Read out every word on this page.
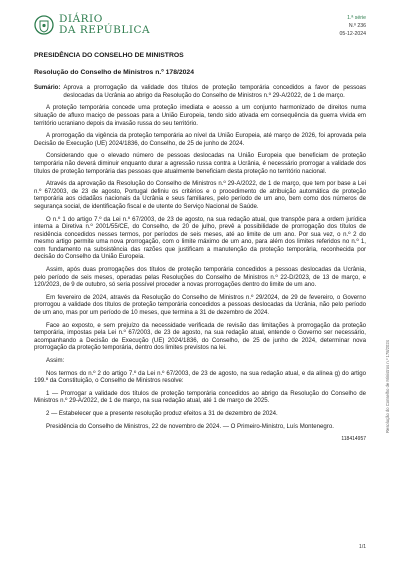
DIÁRIO
DA REPÚBLICA
1.ª série
N.º 236
05-12-2024
PRESIDÊNCIA DO CONSELHO DE MINISTROS
Resolução do Conselho de Ministros n.º 178/2024
Sumário: Aprova a prorrogação da validade dos títulos de proteção temporária concedidos a favor de pessoas deslocadas da Ucrânia ao abrigo da Resolução do Conselho de Ministros n.º 29-A/2022, de 1 de março.

A proteção temporária concede uma proteção imediata e acesso a um conjunto harmonizado de direitos numa situação de afluxo maciço de pessoas para a União Europeia, tendo sido ativada em consequência da guerra vivida em território ucraniano depois da invasão russa do seu território.

A prorrogação da vigência da proteção temporária ao nível da União Europeia, até março de 2026, foi aprovada pela Decisão de Execução (UE) 2024/1836, do Conselho, de 25 de junho de 2024.

Considerando que o elevado número de pessoas deslocadas na União Europeia que beneficiam de proteção temporária não deverá diminuir enquanto durar a agressão russa contra a Ucrânia, é necessário prorrogar a validade dos títulos de proteção temporária das pessoas que atualmente beneficiam desta proteção no território nacional.

Através da aprovação da Resolução do Conselho de Ministros n.º 29-A/2022, de 1 de março, que tem por base a Lei n.º 67/2003, de 23 de agosto, Portugal definiu os critérios e o procedimento de atribuição automática de proteção temporária aos cidadãos nacionais da Ucrânia e seus familiares, pelo período de um ano, bem como dos números de segurança social, de identificação fiscal e de utente do Serviço Nacional de Saúde.

O n.º 1 do artigo 7.º da Lei n.º 67/2003, de 23 de agosto, na sua redação atual, que transpôe para a ordem jurídica interna a Diretiva n.º 2001/55/CE, do Conselho, de 20 de julho, prevê a possibilidade de prorrogação dos títulos de residência concedidos nesses termos, por períodos de seis meses, até ao limite de um ano. Por sua vez, o n.º 2 do mesmo artigo permite uma nova prorrogação, com o limite máximo de um ano, para além dos limites referidos no n.º 1, com fundamento na subsistência das razões que justificam a manutenção da proteção temporária, reconhecida por decisão do Conselho da União Europeia.

Assim, após duas prorrogações dos títulos de proteção temporária concedidos a pessoas deslocadas da Ucrânia, pelo período de seis meses, operadas pelas Resoluções do Conselho de Ministros n.º 22-D/2023, de 13 de março, e 120/2023, de 9 de outubro, só seria possível proceder a novas prorrogações dentro do limite de um ano.

Em fevereiro de 2024, através da Resolução do Conselho de Ministros n.º 29/2024, de 29 de fevereiro, o Governo prorrogou a validade dos títulos de proteção temporária concedidos a pessoas deslocadas da Ucrânia, não pelo período de um ano, mas por um período de 10 meses, que termina a 31 de dezembro de 2024.

Face ao exposto, e sem prejuízo da necessidade verificada de revisão das limitações à prorrogação da proteção temporária, impostas pela Lei n.º 67/2003, de 23 de agosto, na sua redação atual, entende o Governo ser necessário, acompanhando a Decisão de Execução (UE) 2024/1836, do Conselho, de 25 de junho de 2024, determinar nova prorrogação da proteção temporária, dentro dos limites previstos na lei.

Assim:

Nos termos do n.º 2 do artigo 7.º da Lei n.º 67/2003, de 23 de agosto, na sua redação atual, e da alínea g) do artigo 199.º da Constituição, o Conselho de Ministros resolve:

1 — Prorrogar a validade dos títulos de proteção temporária concedidos ao abrigo da Resolução do Conselho de Ministros n.º 29-A/2022, de 1 de março, na sua redação atual, até 1 de março de 2025.

2 — Estabelecer que a presente resolução produz efeitos a 31 de dezembro de 2024.

Presidência do Conselho de Ministros, 22 de novembro de 2024. — O Primeiro-Ministro, Luís Montenegro.

118414957
Resolução do Conselho de Ministros n.º 178/2024
1/1
